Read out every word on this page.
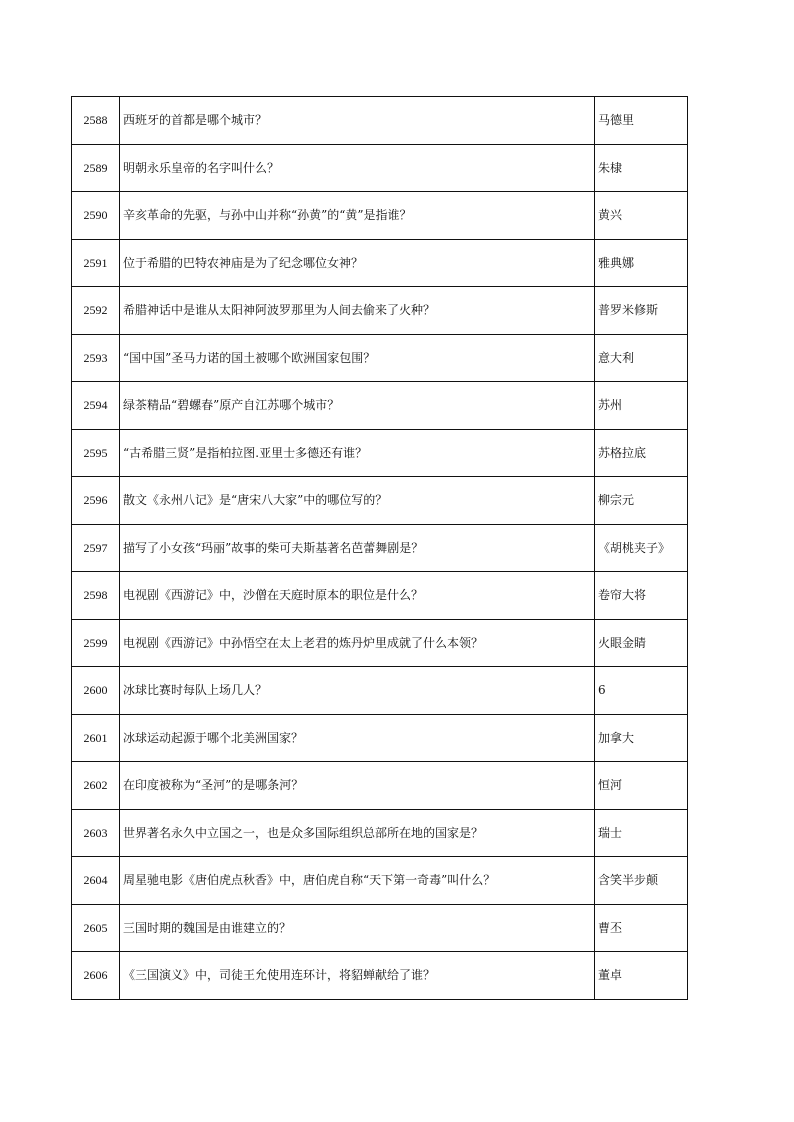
2588	西班牙的首都是哪个城市？	马德里
2589	明朝永乐皇帝的名字叫什么？	朱棣
2590	辛亥革命的先驱，与孙中山并称“孙黄”的“黄”是指谁？	黄兴
2591	位于希腊的巴特农神庙是为了纪念哪位女神？	雅典娜
2592	希腊神话中是谁从太阳神阿波罗那里为人间去偷来了火种？	普罗米修斯
2593	“国中国”圣马力诺的国土被哪个欧洲国家包围？	意大利
2594	绿茶精品“碧螺春”原产自江苏哪个城市？	苏州
2595	“古希腊三贤”是指柏拉图.亚里士多德还有谁？	苏格拉底
2596	散文《永州八记》是“唐宋八大家”中的哪位写的？	柳宗元
2597	描写了小女孩“玛丽”故事的柴可夫斯基著名芭蕾舞剧是？	《胡桃夹子》
2598	电视剧《西游记》中，沙僧在天庭时原本的职位是什么？	卷帘大将
2599	电视剧《西游记》中孙悟空在太上老君的炼丹炉里成就了什么本领？	火眼金睛
2600	冰球比赛时每队上场几人？	6
2601	冰球运动起源于哪个北美洲国家？	加拿大
2602	在印度被称为“圣河”的是哪条河？	恒河
2603	世界著名永久中立国之一，也是众多国际组织总部所在地的国家是？	瑞士
2604	周星驰电影《唐伯虎点秋香》中，唐伯虎自称“天下第一奇毒”叫什么？	含笑半步颠
2605	三国时期的魏国是由谁建立的？	曹丕
2606	《三国演义》中，司徒王允使用连环计，将貂蝉献给了谁？	董卓
